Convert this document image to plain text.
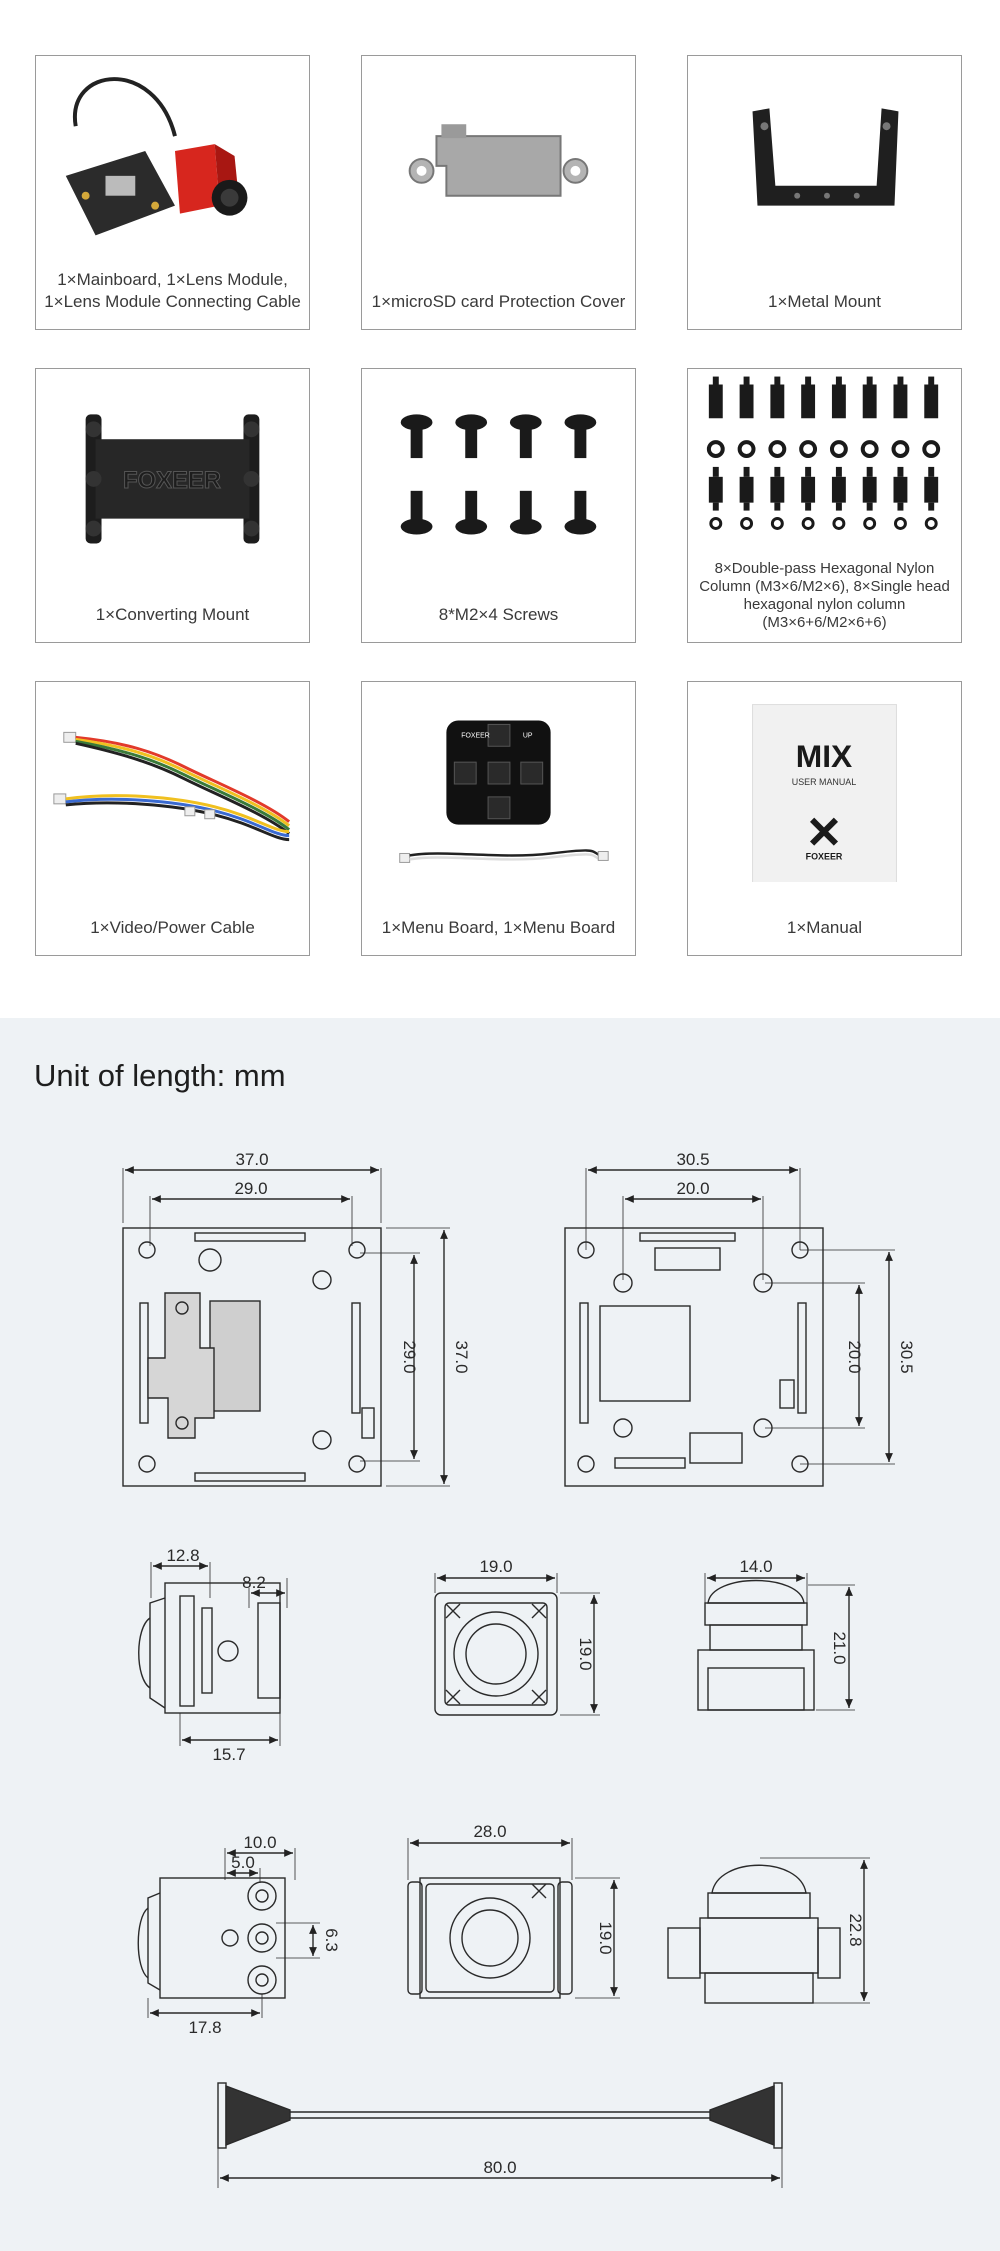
1×Mainboard, 1×Lens Module, 1×Lens Module Connecting Cable	1×microSD card Protection Cover	1×Metal Mount
FOXEER
1×Converting Mount	8*M2×4 Screws
8×Double-pass Hexagonal Nylon Column (M3×6/M2×6), 8×Single head hexagonal nylon column (M3×6+6/M2×6+6)
1×Video/Power Cable
FOXEER	UP
1×Menu Board, 1×Menu Board
MIX
USER MANUAL
FOXEER
1×Manual
Unit of length: mm
37.0
29.0
37.0
29.0
30.5
20.0
30.5
20.0
12.8
8.2
15.7
19.0
19.0
14.0
21.0
10.0
5.0
6.3
17.8
28.0
19.0	22.8
80.0
